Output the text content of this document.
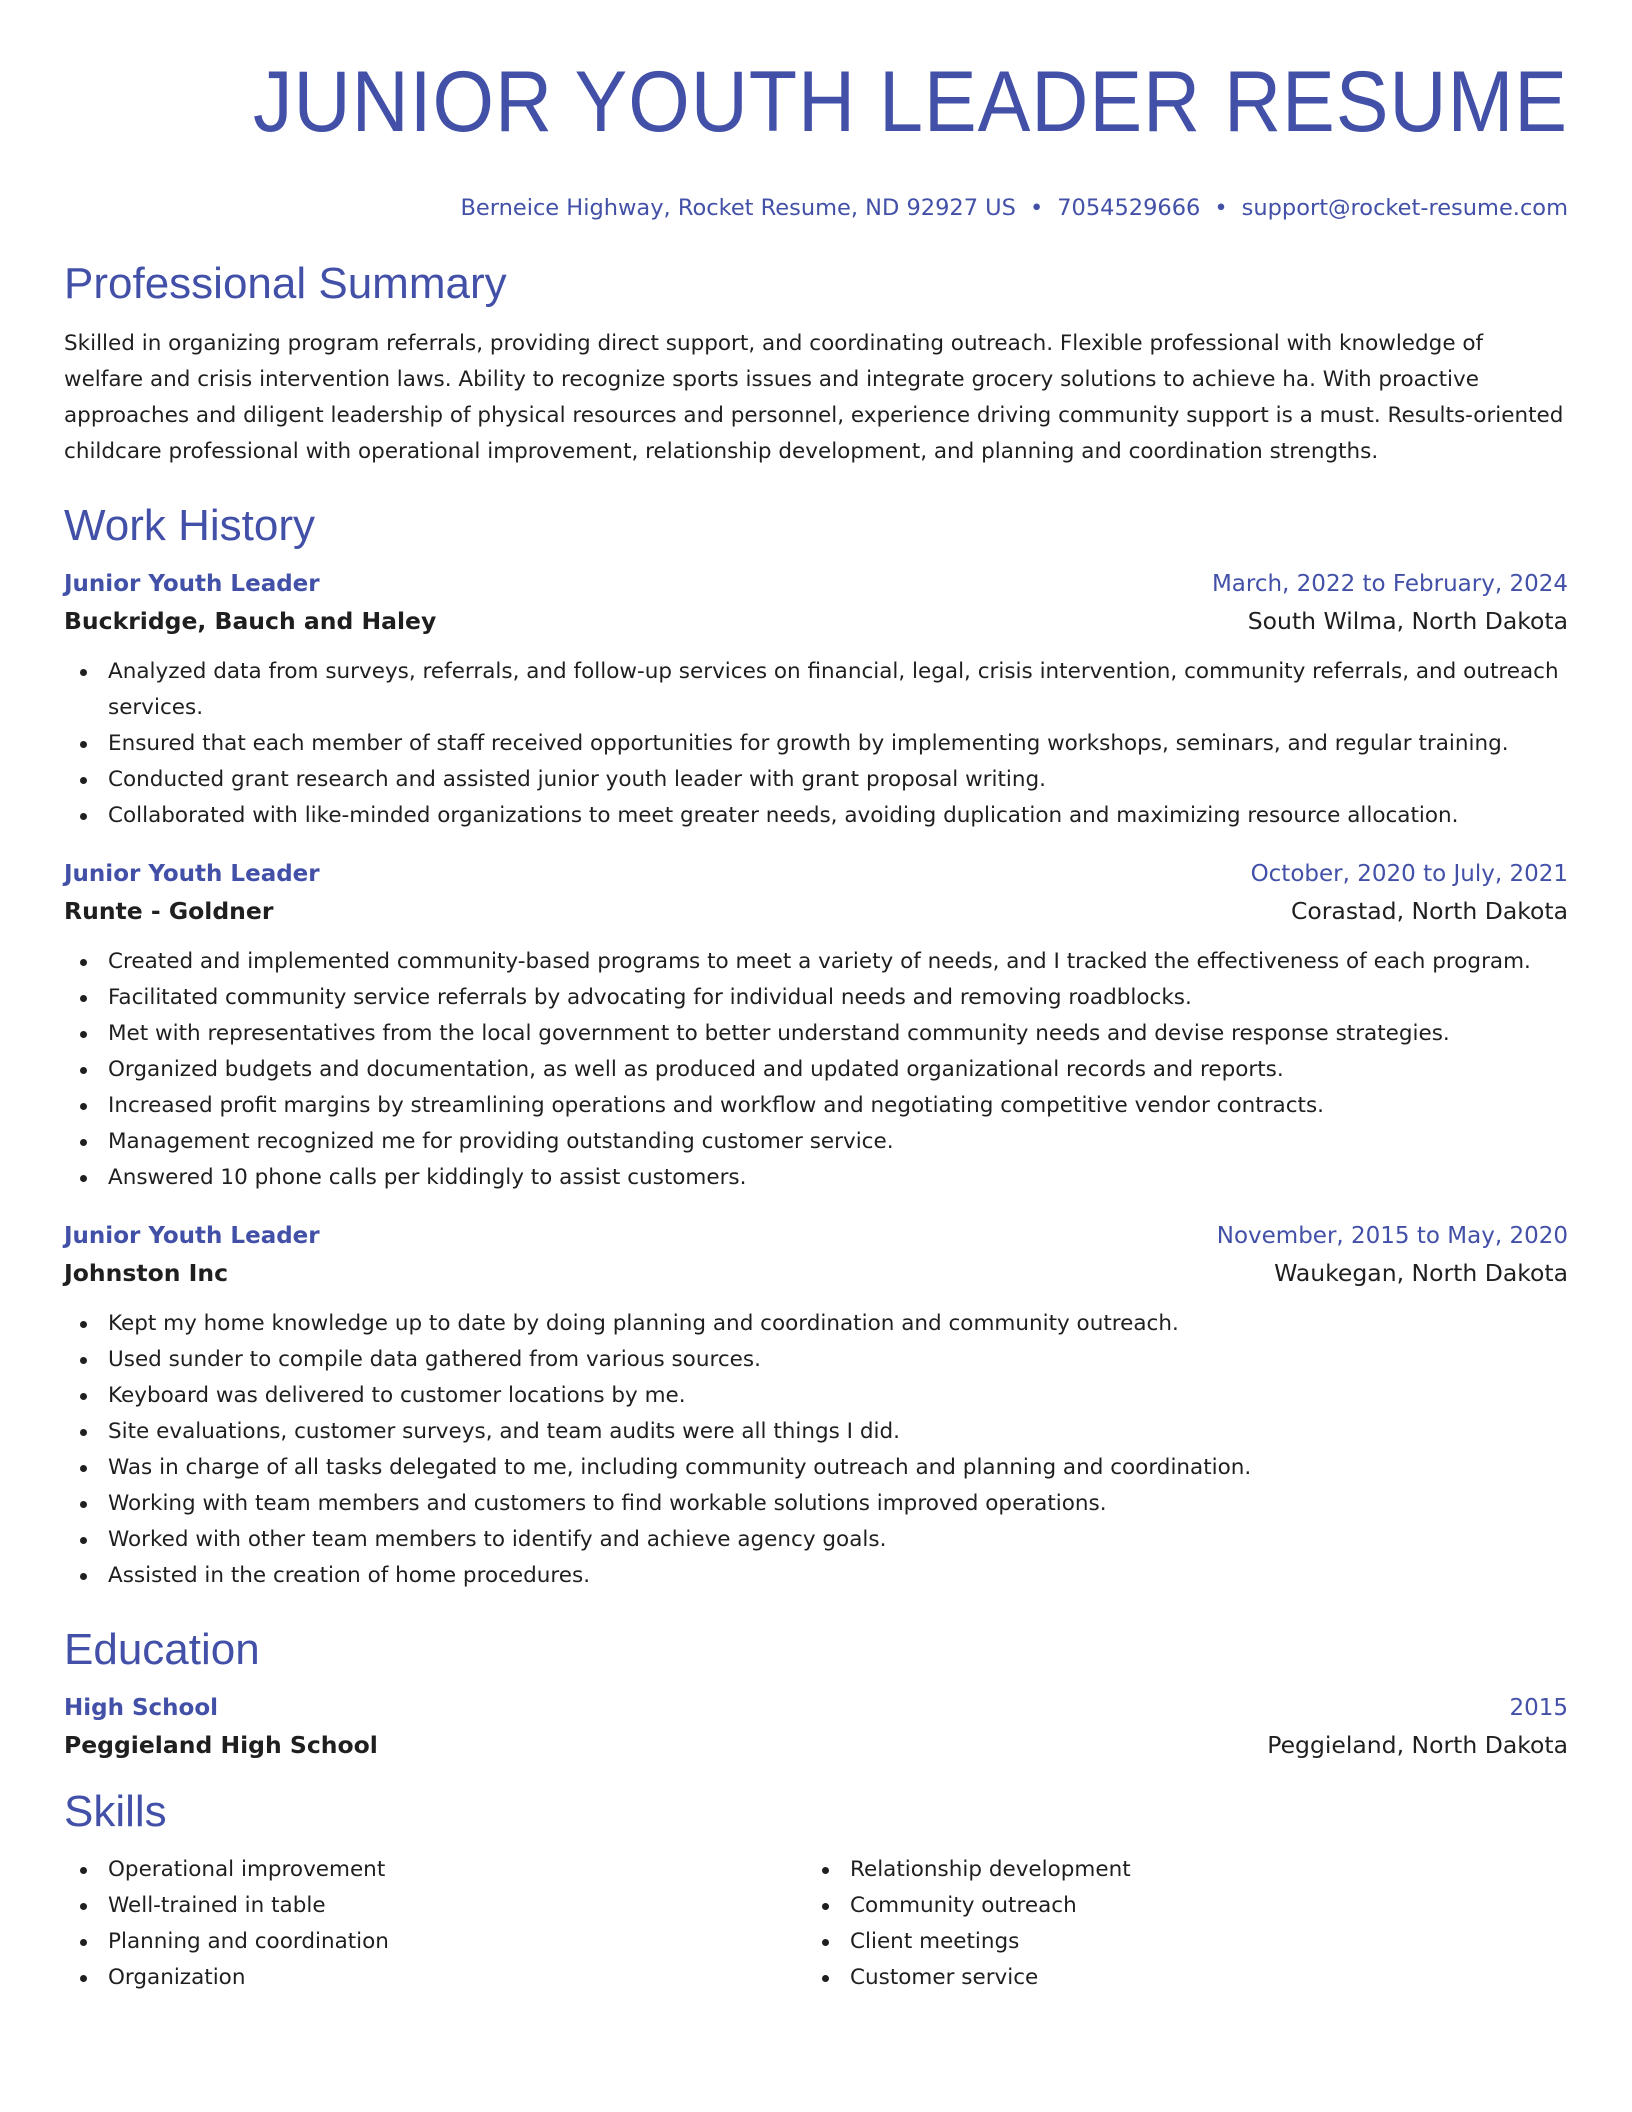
JUNIOR YOUTH LEADER RESUME
Berneice Highway, Rocket Resume, ND 92927 US • 7054529666 • support@rocket-resume.com
Professional Summary

Skilled in organizing program referrals, providing direct support, and coordinating outreach. Flexible professional with knowledge of welfare and crisis intervention laws. Ability to recognize sports issues and integrate grocery solutions to achieve ha. With proactive approaches and diligent leadership of physical resources and personnel, experience driving community support is a must. Results-oriented childcare professional with operational improvement, relationship development, and planning and coordination strengths.

Work History
Junior Youth Leader	March, 2022 to February, 2024
Buckridge, Bauch and Haley	South Wilma, North Dakota
Analyzed data from surveys, referrals, and follow-up services on financial, legal, crisis intervention, community referrals, and outreach services.
Ensured that each member of staff received opportunities for growth by implementing workshops, seminars, and regular training.
Conducted grant research and assisted junior youth leader with grant proposal writing.
Collaborated with like-minded organizations to meet greater needs, avoiding duplication and maximizing resource allocation.
Junior Youth Leader	October, 2020 to July, 2021
Runte - Goldner	Corastad, North Dakota
Created and implemented community-based programs to meet a variety of needs, and I tracked the effectiveness of each program.
Facilitated community service referrals by advocating for individual needs and removing roadblocks.
Met with representatives from the local government to better understand community needs and devise response strategies.
Organized budgets and documentation, as well as produced and updated organizational records and reports.
Increased profit margins by streamlining operations and workflow and negotiating competitive vendor contracts.
Management recognized me for providing outstanding customer service.
Answered 10 phone calls per kiddingly to assist customers.
Junior Youth Leader	November, 2015 to May, 2020
Johnston Inc	Waukegan, North Dakota
Kept my home knowledge up to date by doing planning and coordination and community outreach.
Used sunder to compile data gathered from various sources.
Keyboard was delivered to customer locations by me.
Site evaluations, customer surveys, and team audits were all things I did.
Was in charge of all tasks delegated to me, including community outreach and planning and coordination.
Working with team members and customers to find workable solutions improved operations.
Worked with other team members to identify and achieve agency goals.
Assisted in the creation of home procedures.
Education
High School	2015
Peggieland High School	Peggieland, North Dakota
Skills
Operational improvement
Well-trained in table
Planning and coordination
Organization
Relationship development
Community outreach
Client meetings
Customer service
